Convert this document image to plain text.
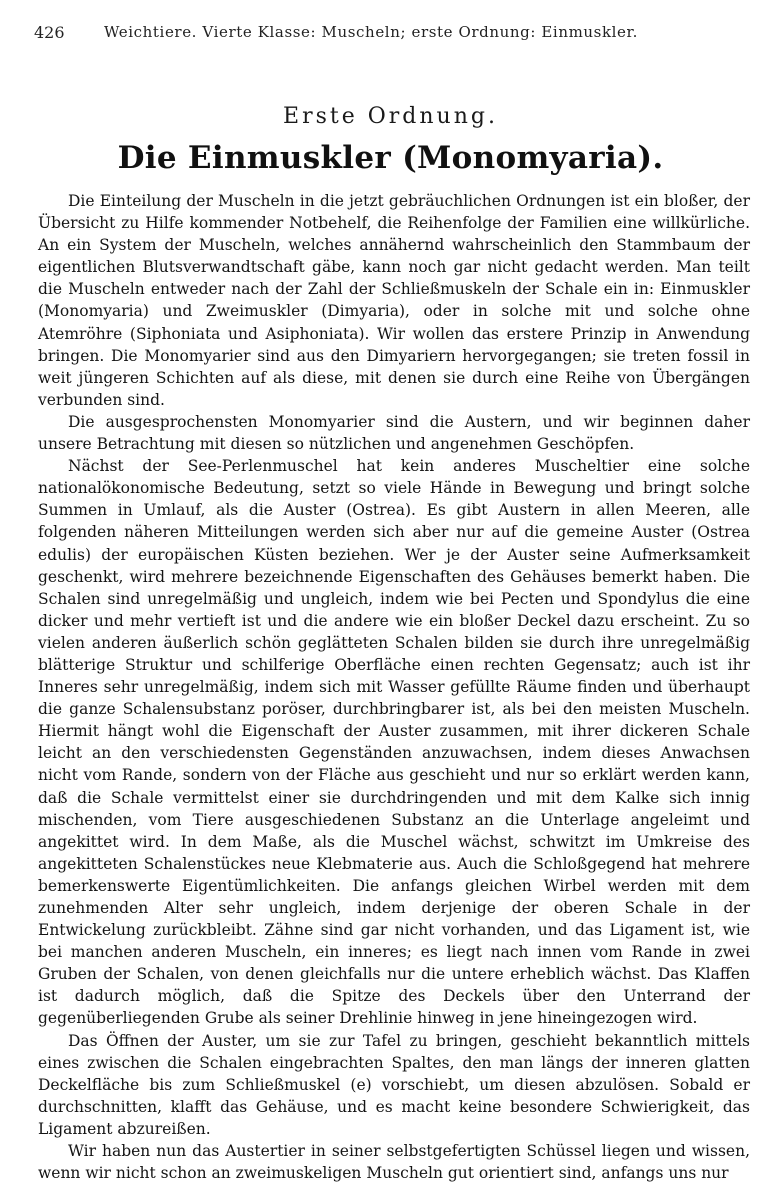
426	Weichtiere. Vierte Klasse: Muscheln; erste Ordnung: Einmuskler.
Erste Ordnung.
Die Einmuskler (Monomyaria).

Die Einteilung der Muscheln in die jetzt gebräuchlichen Ordnungen ist ein bloßer, der Übersicht zu Hilfe kommender Notbehelf, die Reihenfolge der Familien eine willkürliche. An ein System der Muscheln, welches annähernd wahrscheinlich den Stammbaum der eigentlichen Blutsverwandtschaft gäbe, kann noch gar nicht gedacht werden. Man teilt die Muscheln entweder nach der Zahl der Schließmuskeln der Schale ein in: Einmuskler (Monomyaria) und Zweimuskler (Dimyaria), oder in solche mit und solche ohne Atemröhre (Siphoniata und Asiphoniata). Wir wollen das erstere Prinzip in Anwendung bringen. Die Monomyarier sind aus den Dimyariern hervorgegangen; sie treten fossil in weit jüngeren Schichten auf als diese, mit denen sie durch eine Reihe von Übergängen verbunden sind.

Die ausgesprochensten Monomyarier sind die Austern, und wir beginnen daher unsere Betrachtung mit diesen so nützlichen und angenehmen Geschöpfen.

Nächst der See-Perlenmuschel hat kein anderes Muscheltier eine solche nationalökonomische Bedeutung, setzt so viele Hände in Bewegung und bringt solche Summen in Umlauf, als die Auster (Ostrea). Es gibt Austern in allen Meeren, alle folgenden näheren Mitteilungen werden sich aber nur auf die gemeine Auster (Ostrea edulis) der europäischen Küsten beziehen. Wer je der Auster seine Aufmerksamkeit geschenkt, wird mehrere bezeichnende Eigenschaften des Gehäuses bemerkt haben. Die Schalen sind unregelmäßig und ungleich, indem wie bei Pecten und Spondylus die eine dicker und mehr vertieft ist und die andere wie ein bloßer Deckel dazu erscheint. Zu so vielen anderen äußerlich schön geglätteten Schalen bilden sie durch ihre unregelmäßig blätterige Struktur und schilferige Oberfläche einen rechten Gegensatz; auch ist ihr Inneres sehr unregelmäßig, indem sich mit Wasser gefüllte Räume finden und überhaupt die ganze Schalensubstanz poröser, durchbringbarer ist, als bei den meisten Muscheln. Hiermit hängt wohl die Eigenschaft der Auster zusammen, mit ihrer dickeren Schale leicht an den verschiedensten Gegenständen anzuwachsen, indem dieses Anwachsen nicht vom Rande, sondern von der Fläche aus geschieht und nur so erklärt werden kann, daß die Schale vermittelst einer sie durchdringenden und mit dem Kalke sich innig mischenden, vom Tiere ausgeschiedenen Substanz an die Unterlage angeleimt und angekittet wird. In dem Maße, als die Muschel wächst, schwitzt im Umkreise des angekitteten Schalenstückes neue Klebmaterie aus. Auch die Schloßgegend hat mehrere bemerkenswerte Eigentümlichkeiten. Die anfangs gleichen Wirbel werden mit dem zunehmenden Alter sehr ungleich, indem derjenige der oberen Schale in der Entwickelung zurückbleibt. Zähne sind gar nicht vorhanden, und das Ligament ist, wie bei manchen anderen Muscheln, ein inneres; es liegt nach innen vom Rande in zwei Gruben der Schalen, von denen gleichfalls nur die untere erheblich wächst. Das Klaffen ist dadurch möglich, daß die Spitze des Deckels über den Unterrand der gegenüberliegenden Grube als seiner Drehlinie hinweg in jene hineingezogen wird.

Das Öffnen der Auster, um sie zur Tafel zu bringen, geschieht bekanntlich mittels eines zwischen die Schalen eingebrachten Spaltes, den man längs der inneren glatten Deckelfläche bis zum Schließmuskel (e) vorschiebt, um diesen abzulösen. Sobald er durchschnitten, klafft das Gehäuse, und es macht keine besondere Schwierigkeit, das Ligament abzureißen.

Wir haben nun das Austertier in seiner selbstgefertigten Schüssel liegen und wissen, wenn wir nicht schon an zweimuskeligen Muscheln gut orientiert sind, anfangs uns nur
